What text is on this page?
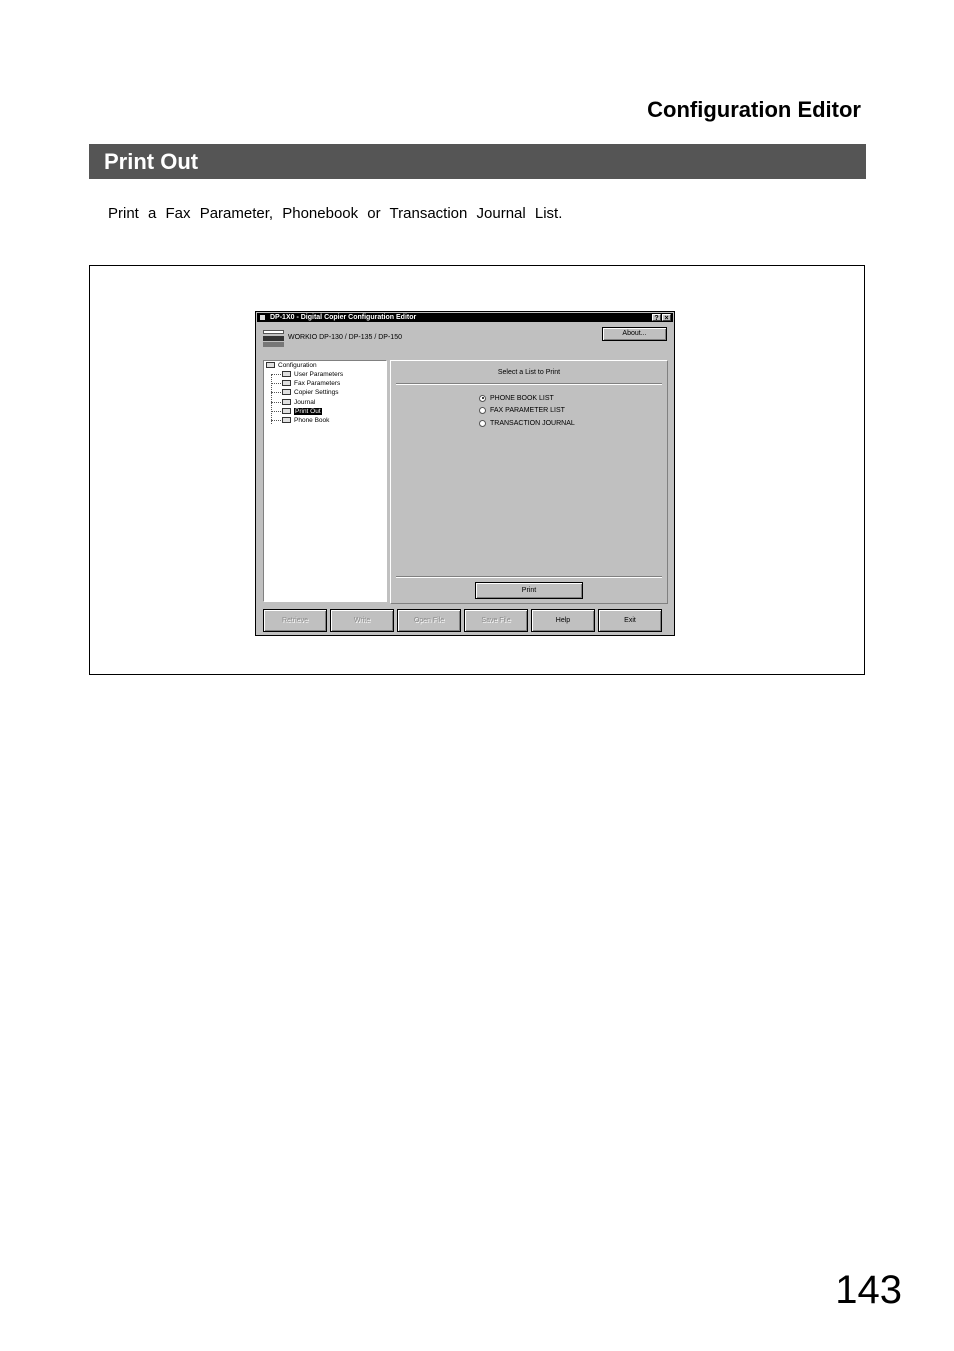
Configuration Editor
Print Out
Print a Fax Parameter, Phonebook or Transaction Journal List.
DP-1X0 - Digital Copier Configuration Editor	? ×
WORKIO DP-130 / DP-135 / DP-150
About...
Configuration
User Parameters
Fax Parameters
Copier Settings
Journal
Print Out
Phone Book
Select a List to Print
PHONE BOOK LIST
FAX PARAMETER LIST
TRANSACTION JOURNAL
Print
Retrieve	Write	Open File	Save File	Help	Exit
143
